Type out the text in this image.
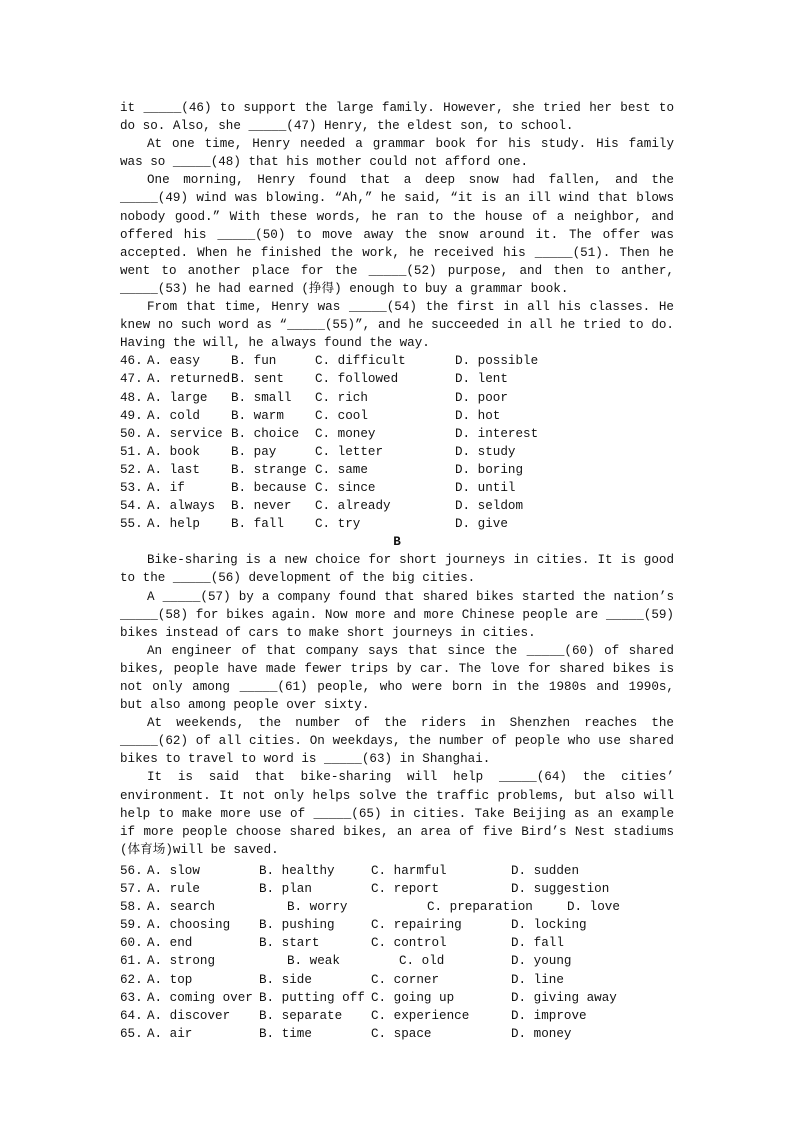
it _____(46) to support the large family. However, she tried her best to do so. Also, she _____(47) Henry, the eldest son, to school.

At one time, Henry needed a grammar book for his study. His family was so _____(48) that his mother could not afford one.

One morning, Henry found that a deep snow had fallen, and the _____(49) wind was blowing. “Ah,” he said, “it is an ill wind that blows nobody good.” With these words, he ran to the house of a neighbor, and offered his _____(50) to move away the snow around it. The offer was accepted. When he finished the work, he received his _____(51). Then he went to another place for the _____(52) purpose, and then to anther, _____(53) he had earned (挣得) enough to buy a grammar book.

From that time, Henry was _____(54) the first in all his classes. He knew no such word as “_____(55)”, and he succeeded in all he tried to do. Having the will, he always found the way.

46. A. easy B. fun	C. difficult	D. possible
47. A. returned B. sent C. followed	D. lent
48. A. large B. small C. rich	D. poor
49. A. cold B. warm C. cool	D. hot
50. A. service B. choice C. money	D. interest
51. A. book B. pay	C. letter	D. study
52. A. last B. strange C. same	D. boring
53. A. if	B. because C. since	D. until
54. A. always B. never C. already	D. seldom
55. A. help B. fall C. try	D. give

B

Bike-sharing is a new choice for short journeys in cities. It is good to the _____(56) development of the big cities.

A _____(57) by a company found that shared bikes started the nation’s _____(58) for bikes again. Now more and more Chinese people are _____(59) bikes instead of cars to make short journeys in cities.

An engineer of that company says that since the _____(60) of shared bikes, people have made fewer trips by car. The love for shared bikes is not only among _____(61) people, who were born in the 1980s and 1990s, but also among people over sixty.

At weekends, the number of the riders in Shenzhen reaches the _____(62) of all cities. On weekdays, the number of people who use shared bikes to travel to word is _____(63) in Shanghai.

It is said that bike-sharing will help _____(64) the cities’ environment. It not only helps solve the traffic problems, but also will help to make more use of _____(65) in cities. Take Beijing as an example if more people choose shared bikes, an area of five Bird’s Nest stadiums (体育场)will be saved.

56. A. slow	B. healthy	C. harmful	D. sudden
57. A. rule	B. plan	C. report	D. suggestion
58. A. search	B. worry	C. preparation	D. love
59. A. choosing B. pushing	C. repairing	D. locking
60. A. end	B. start	C. control	D. fall
61. A. strong	B. weak	C. old	D. young
62. A. top	B. side	C. corner	D. line
63. A. coming over B. putting off C. going up	D. giving away
64. A. discover B. separate C. experience	D. improve
65. A. air	B. time	C. space	D. money
